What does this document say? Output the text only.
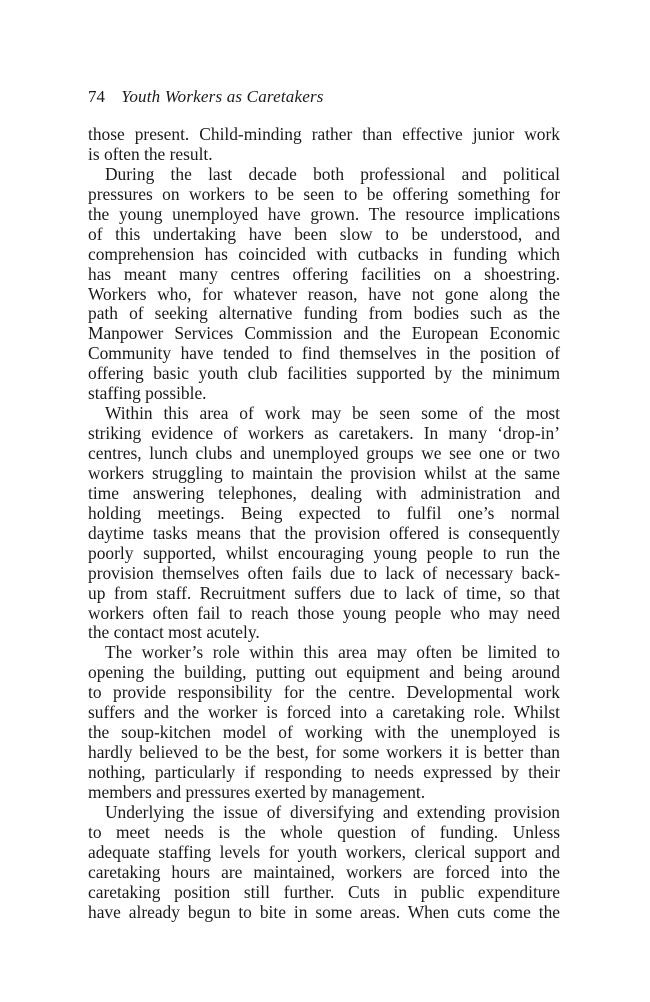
74 Youth Workers as Caretakers
those present. Child-minding rather than effective junior work
is often the result.
During the last decade both professional and political
pressures on workers to be seen to be offering something for
the young unemployed have grown. The resource implications
of this undertaking have been slow to be understood, and
comprehension has coincided with cutbacks in funding which
has meant many centres offering facilities on a shoestring.
Workers who, for whatever reason, have not gone along the
path of seeking alternative funding from bodies such as the
Manpower Services Commission and the European Economic
Community have tended to find themselves in the position of
offering basic youth club facilities supported by the minimum
staffing possible.
Within this area of work may be seen some of the most
striking evidence of workers as caretakers. In many ‘drop-in’
centres, lunch clubs and unemployed groups we see one or two
workers struggling to maintain the provision whilst at the same
time answering telephones, dealing with administration and
holding meetings. Being expected to fulfil one’s normal
daytime tasks means that the provision offered is consequently
poorly supported, whilst encouraging young people to run the
provision themselves often fails due to lack of necessary back-
up from staff. Recruitment suffers due to lack of time, so that
workers often fail to reach those young people who may need
the contact most acutely.
The worker’s role within this area may often be limited to
opening the building, putting out equipment and being around
to provide responsibility for the centre. Developmental work
suffers and the worker is forced into a caretaking role. Whilst
the soup-kitchen model of working with the unemployed is
hardly believed to be the best, for some workers it is better than
nothing, particularly if responding to needs expressed by their
members and pressures exerted by management.
Underlying the issue of diversifying and extending provision
to meet needs is the whole question of funding. Unless
adequate staffing levels for youth workers, clerical support and
caretaking hours are maintained, workers are forced into the
caretaking position still further. Cuts in public expenditure
have already begun to bite in some areas. When cuts come the
